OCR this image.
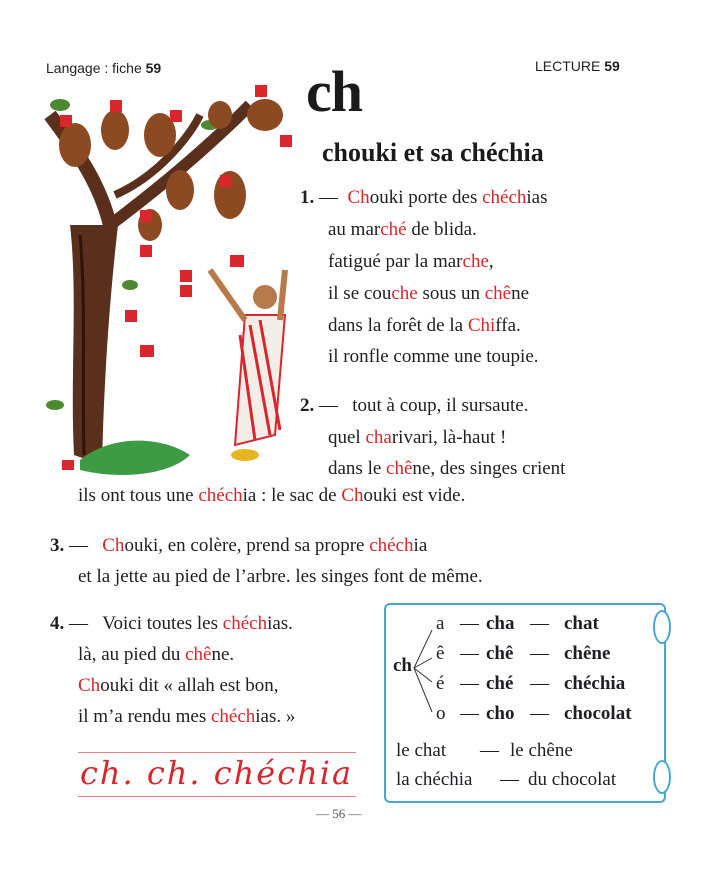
Langage : fiche 59	LECTURE 59
ch
chouki et sa chéchia
1. — Chouki porte des chéchias
au marché de blida.
fatigué par la marche,
il se couche sous un chêne
dans la forêt de la Chiffa.
il ronfle comme une toupie.
2. — tout à coup, il sursaute.
quel charivari, là-haut !
dans le chêne, des singes crient
ils ont tous une chéchia : le sac de Chouki est vide.
3. — Chouki, en colère, prend sa propre chéchia
et la jette au pied de l’arbre. les singes font de même.
4. — Voici toutes les chéchias.
là, au pied du chêne.
Chouki dit « allah est bon,
il m’a rendu mes chéchias. »
ch
a — cha — chat
ê — chê — chêne
é — ché — chéchia
o — cho — chocolat
le chat — le chêne
la chéchia — du chocolat
ch. ch. chéchia
— 56 —
